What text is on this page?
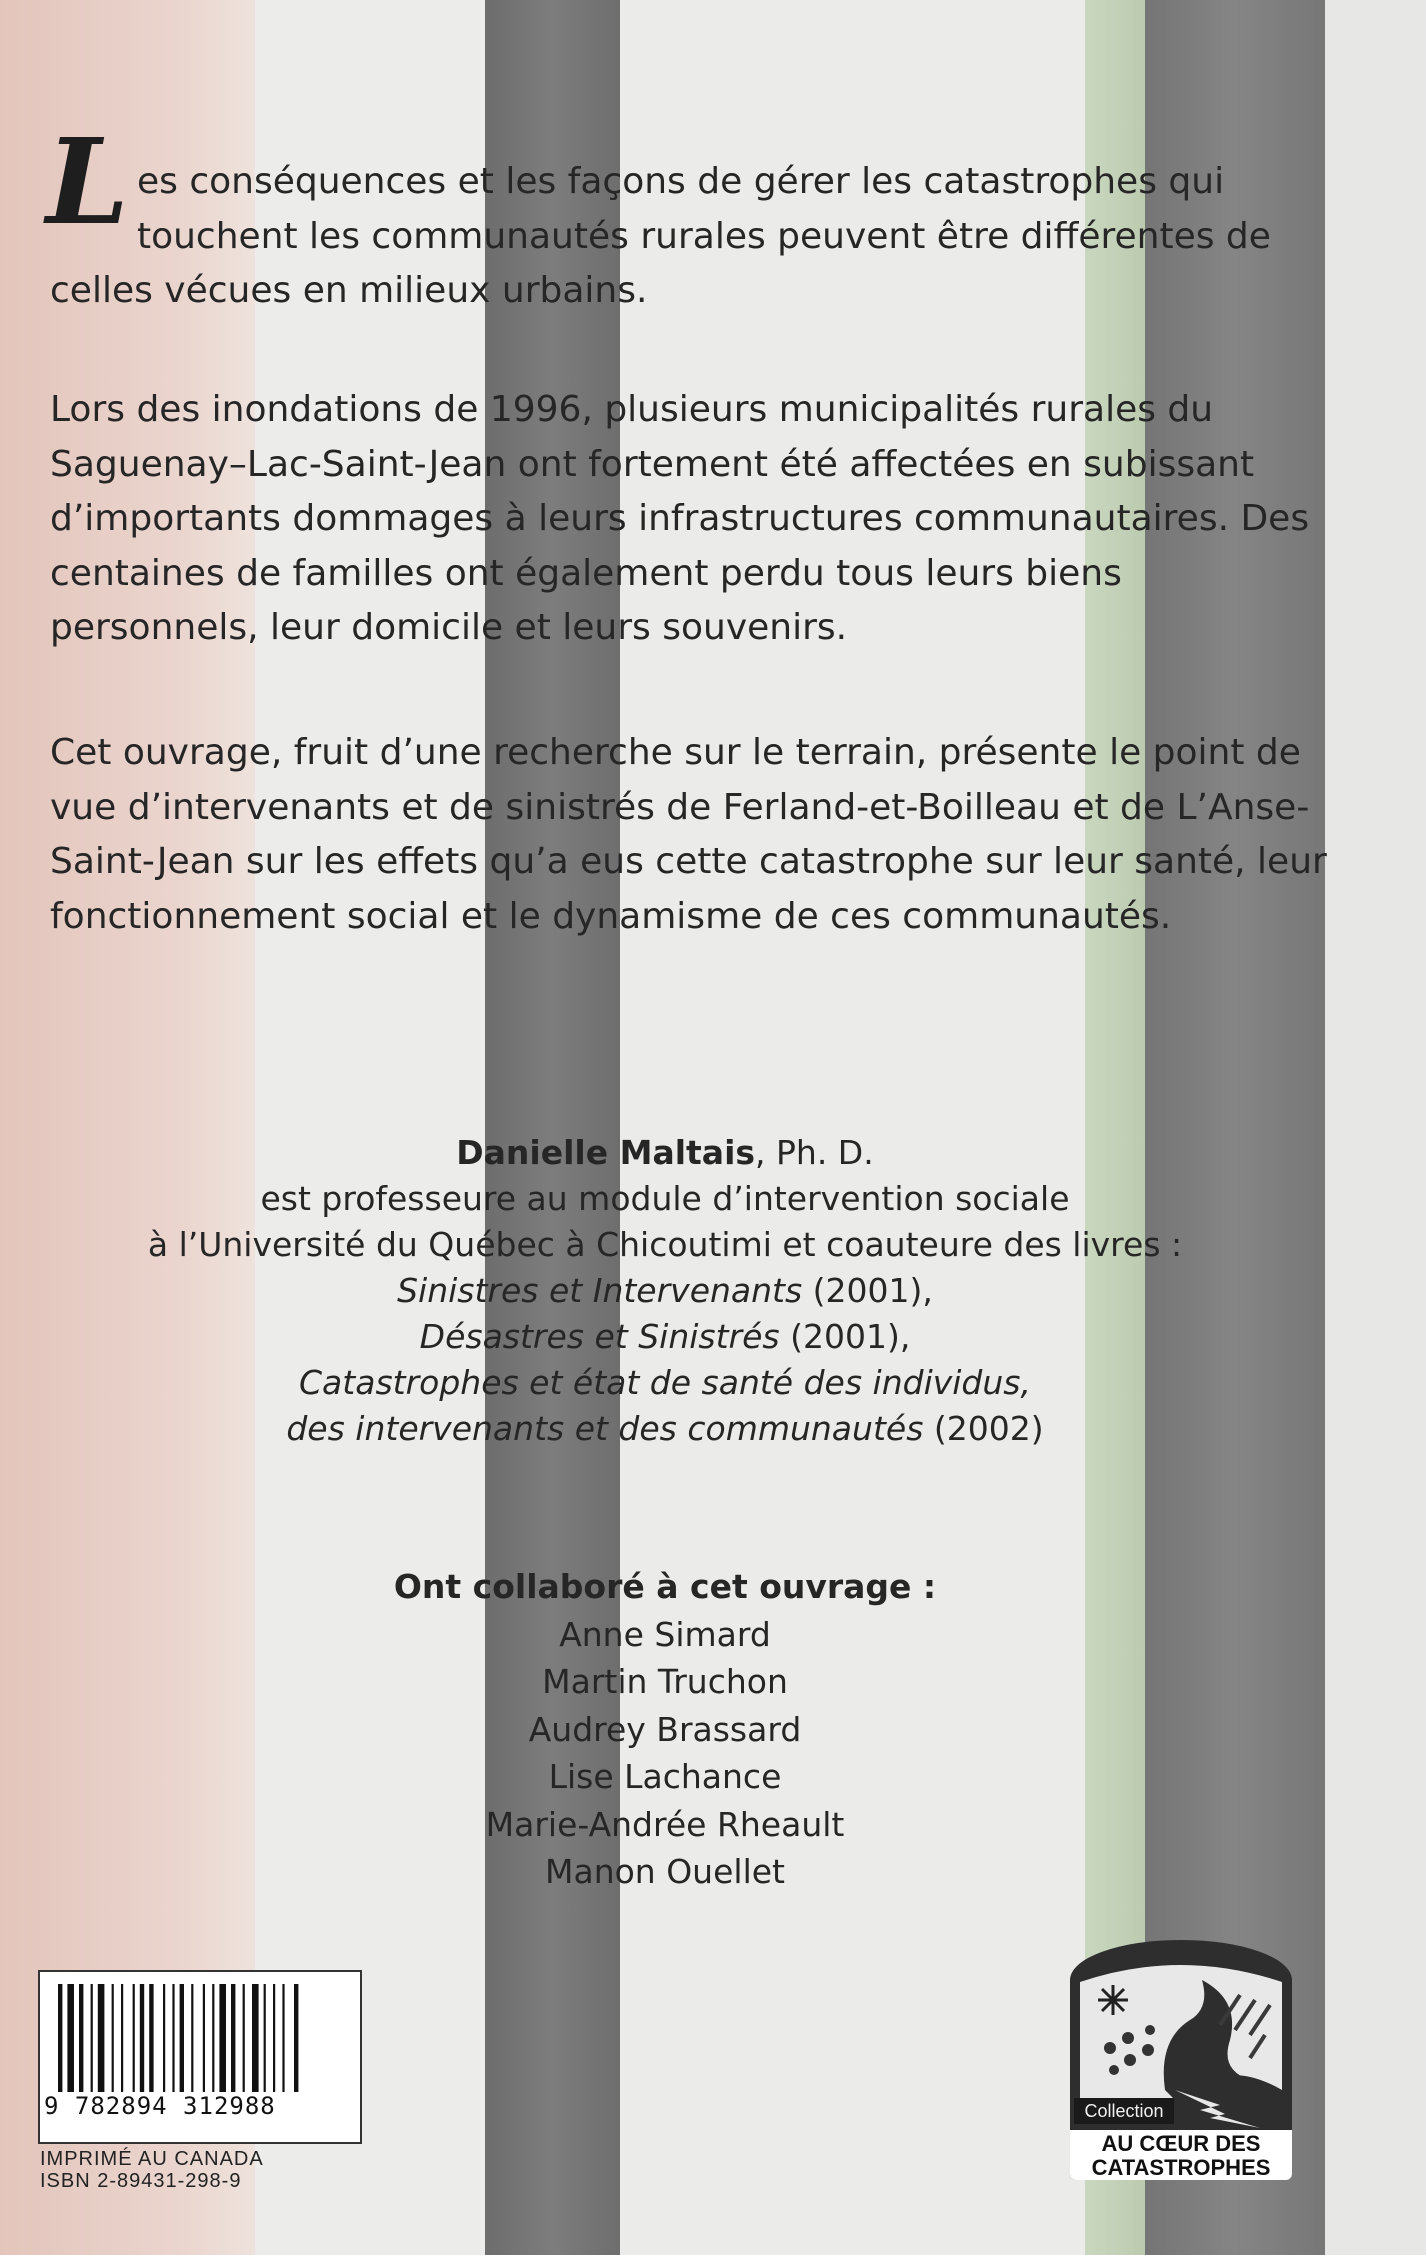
Les conséquences et les façons de gérer les catastrophes qui touchent les communautés rurales peuvent être différentes de celles vécues en milieux urbains.

Lors des inondations de 1996, plusieurs municipalités rurales du Saguenay–Lac-Saint-Jean ont fortement été affectées en subissant d’importants dommages à leurs infrastructures communautaires. Des centaines de familles ont également perdu tous leurs biens personnels, leur domicile et leurs souvenirs.

Cet ouvrage, fruit d’une recherche sur le terrain, présente le point de vue d’intervenants et de sinistrés de Ferland-et-Boilleau et de L’Anse-Saint-Jean sur les effets qu’a eus cette catastrophe sur leur santé, leur fonctionnement social et le dynamisme de ces communautés.

Danielle Maltais, Ph. D.
est professeure au module d’intervention sociale
à l’Université du Québec à Chicoutimi et coauteure des livres :
Sinistres et Intervenants (2001),
Désastres et Sinistrés (2001),
Catastrophes et état de santé des individus,
des intervenants et des communautés (2002)
Ont collaboré à cet ouvrage :
Anne Simard
Martin Truchon
Audrey Brassard
Lise Lachance
Marie-Andrée Rheault
Manon Ouellet
9 782894 312988
IMPRIMÉ AU CANADA
ISBN 2-89431-298-9
Collection
AU CŒUR DES
CATASTROPHES
